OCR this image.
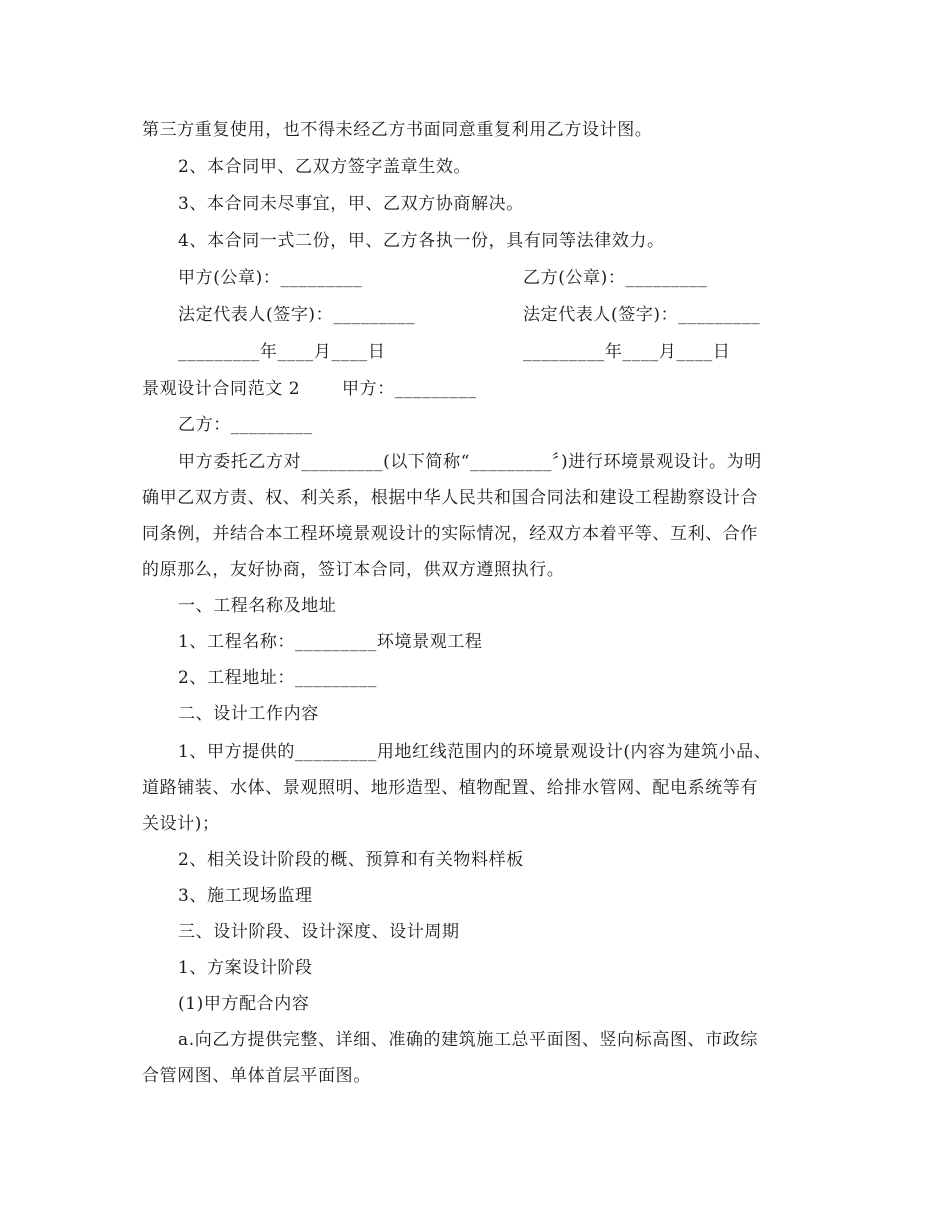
第三方重复使用，也不得未经乙方书面同意重复利用乙方设计图。
2、本合同甲、乙双方签字盖章生效。
3、本合同未尽事宜，甲、乙双方协商解决。
4、本合同一式二份，甲、乙方各执一份，具有同等法律效力。
甲方(公章)：_________	乙方(公章)：_________
法定代表人(签字)：_________	法定代表人(签字)：_________
_________年____月____日	_________年____月____日
景观设计合同范文 2 甲方：_________
乙方：_________
甲方委托乙方对_________(以下简称“_________〞)进行环境景观设计。为明
确甲乙双方责、权、利关系，根据中华人民共和国合同法和建设工程勘察设计合
同条例，并结合本工程环境景观设计的实际情况，经双方本着平等、互利、合作
的原那么，友好协商，签订本合同，供双方遵照执行。
一、工程名称及地址
1、工程名称：_________环境景观工程
2、工程地址：_________
二、设计工作内容
1、甲方提供的_________用地红线范围内的环境景观设计(内容为建筑小品、
道路铺装、水体、景观照明、地形造型、植物配置、给排水管网、配电系统等有
关设计)；
2、相关设计阶段的概、预算和有关物料样板
3、施工现场监理
三、设计阶段、设计深度、设计周期
1、方案设计阶段
(1)甲方配合内容
a.向乙方提供完整、详细、准确的建筑施工总平面图、竖向标高图、市政综
合管网图、单体首层平面图。
